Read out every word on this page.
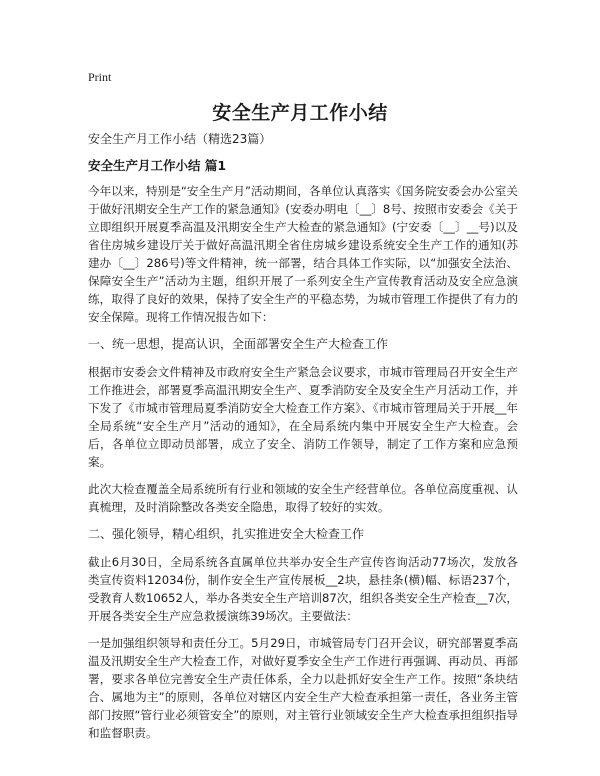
Print
安全生产月工作小结

安全生产月工作小结（精选23篇）

安全生产月工作小结 篇1

今年以来，特别是“安全生产月”活动期间，各单位认真落实《国务院安委会办公室关于做好汛期安全生产工作的紧急通知》(安委办明电〔__〕8号、按照市安委会《关于立即组织开展夏季高温及汛期安全生产大检查的紧急通知》(宁安委〔__〕__号)以及省住房城乡建设厅关于做好高温汛期全省住房城乡建设系统安全生产工作的通知(苏建办〔__〕286号)等文件精神，统一部署，结合具体工作实际，以“加强安全法治、保障安全生产”活动为主题，组织开展了一系列安全生产宣传教育活动及安全应急演练，取得了良好的效果，保持了安全生产的平稳态势，为城市管理工作提供了有力的安全保障。现将工作情况报告如下：

一、统一思想，提高认识，全面部署安全生产大检查工作

根据市安委会文件精神及市政府安全生产紧急会议要求，市城市管理局召开安全生产工作推进会，部署夏季高温汛期安全生产、夏季消防安全及安全生产月活动工作，并下发了《市城市管理局夏季消防安全大检查工作方案》、《市城市管理局关于开展__年全局系统“安全生产月”活动的通知》，在全局系统内集中开展安全生产大检查。会后，各单位立即动员部署，成立了安全、消防工作领导，制定了工作方案和应急预案。

此次大检查覆盖全局系统所有行业和领域的安全生产经营单位。各单位高度重视、认真梳理，及时消除整改各类安全隐患，取得了较好的实效。

二、强化领导，精心组织，扎实推进安全大检查工作

截止6月30日，全局系统各直属单位共举办安全生产宣传咨询活动77场次，发放各类宣传资料12034份，制作安全生产宣传展板__2块，悬挂条(横)幅、标语237个，受教育人数10652人，举办各类安全生产培训87次，组织各类安全生产检查__7次，开展各类安全生产应急救援演练39场次。主要做法：

一是加强组织领导和责任分工。5月29日，市城管局专门召开会议，研究部署夏季高温及汛期安全生产大检查工作，对做好夏季安全生产工作进行再强调、再动员、再部署，要求各单位完善安全生产责任体系，全力以赴抓好安全生产工作。按照“条块结合、属地为主”的原则，各单位对辖区内安全生产大检查承担第一责任，各业务主管部门按照“管行业必须管安全”的原则，对主管行业领域安全生产大检查承担组织指导和监督职责。
